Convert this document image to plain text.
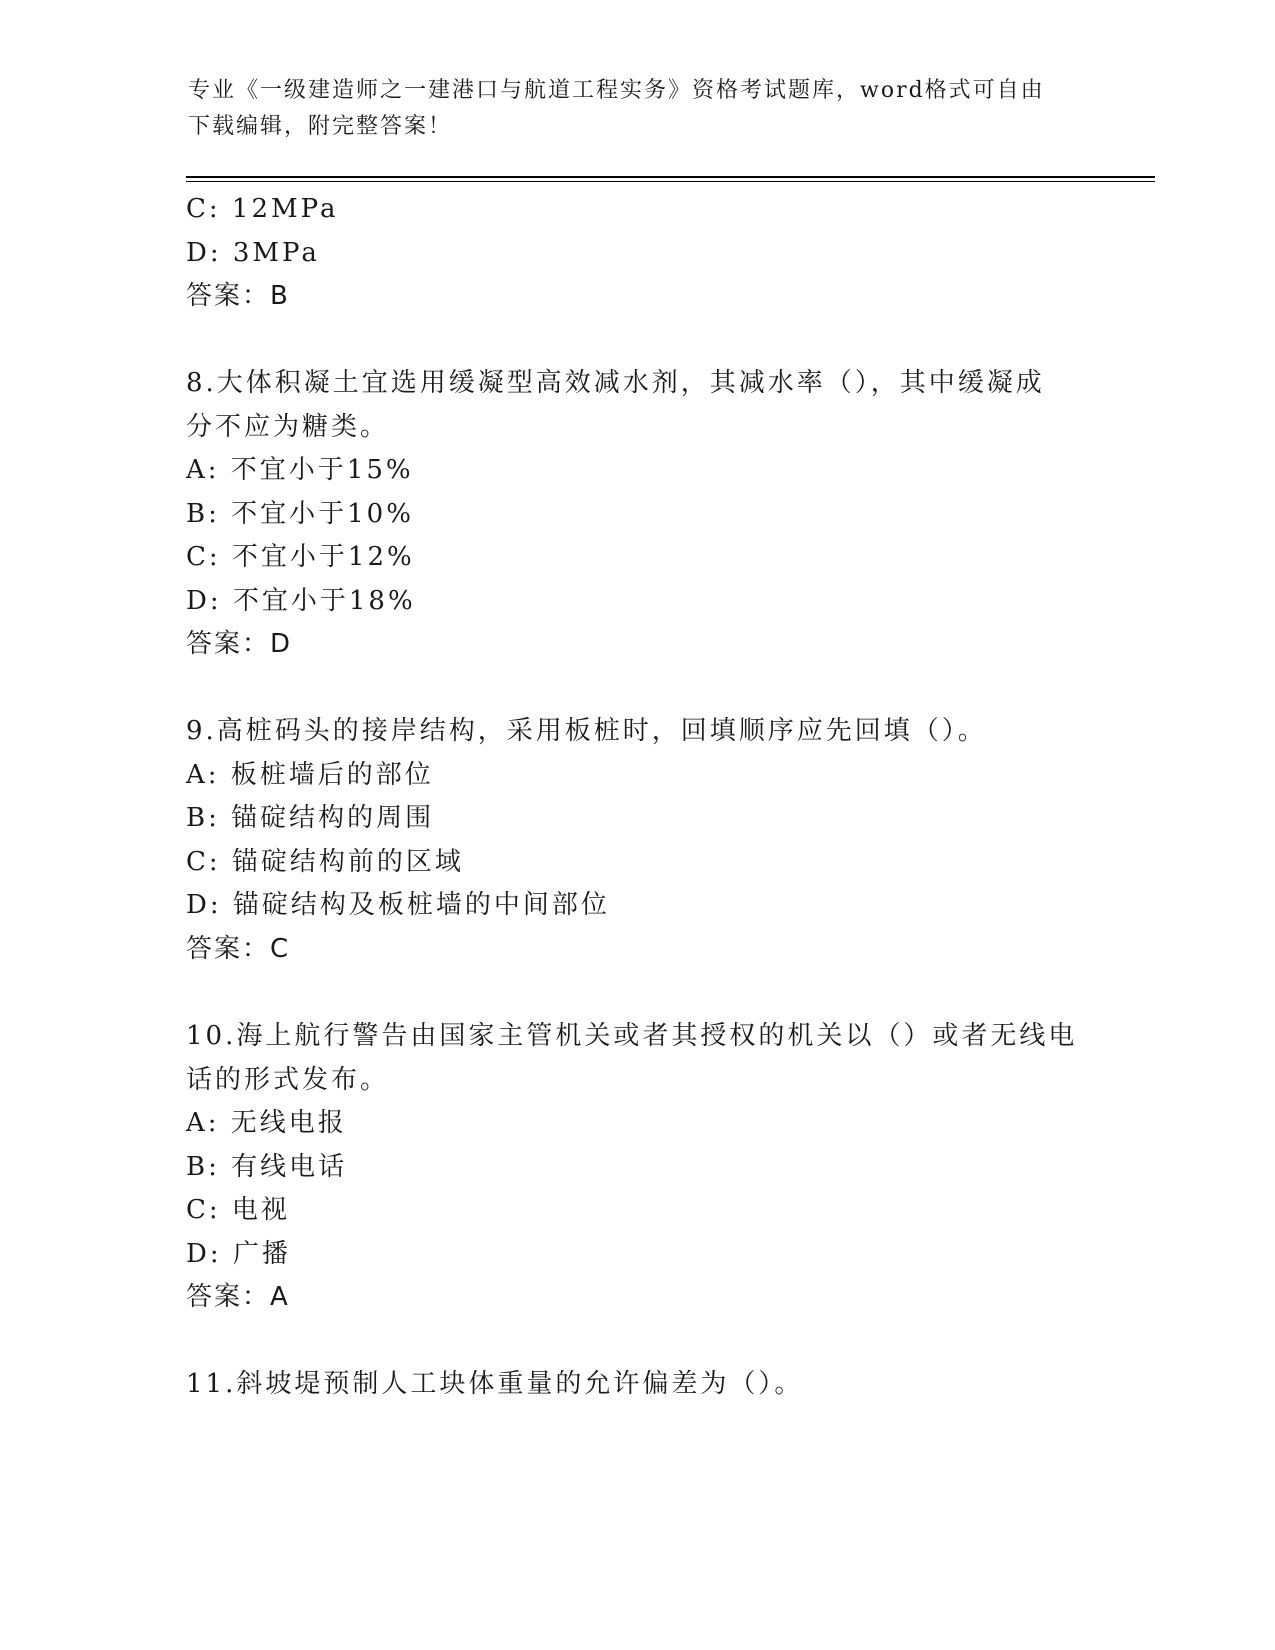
专业《一级建造师之一建港口与航道工程实务》资格考试题库，word格式可自由
下载编辑，附完整答案！
C: 12MPa
D: 3MPa
答案：B
8.大体积凝土宜选用缓凝型高效减水剂，其减水率（），其中缓凝成
分不应为糖类。
A: 不宜小于15%
B: 不宜小于10%
C: 不宜小于12%
D: 不宜小于18%
答案：D
9.高桩码头的接岸结构，采用板桩时，回填顺序应先回填（）。
A: 板桩墙后的部位
B: 锚碇结构的周围
C: 锚碇结构前的区域
D: 锚碇结构及板桩墙的中间部位
答案：C
10.海上航行警告由国家主管机关或者其授权的机关以（）或者无线电
话的形式发布。
A: 无线电报
B: 有线电话
C: 电视
D: 广播
答案：A
11.斜坡堤预制人工块体重量的允许偏差为（）。
